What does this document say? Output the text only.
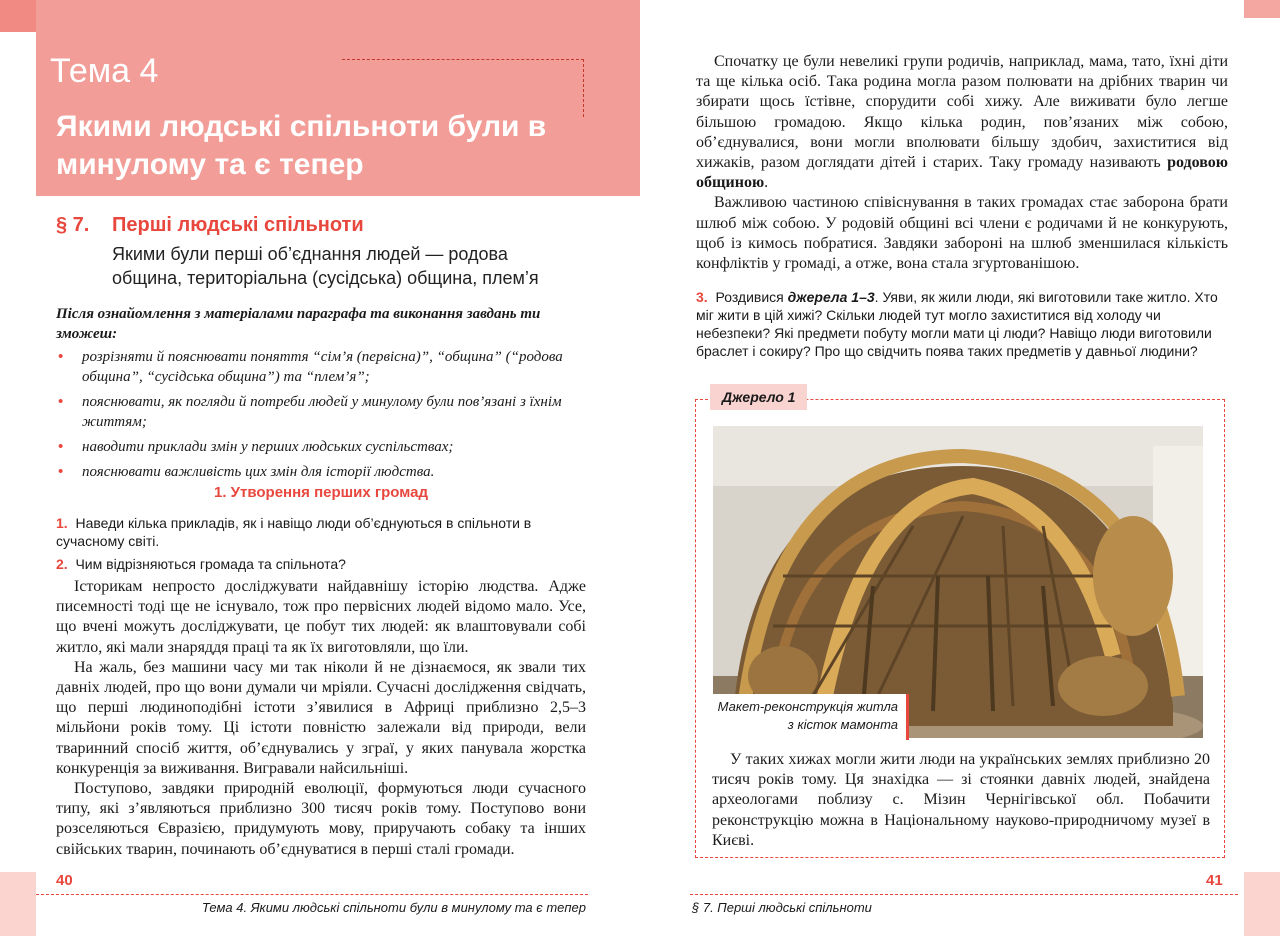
Тема 4
Якими людські спільноти були в минулому та є тепер
§ 7. Перші людські спільноти
Якими були перші об’єднання людей — родова община, територіальна (сусідська) община, плем’я
Після ознайомлення з матеріалами параграфа та виконання завдань ти зможеш:
• розрізняти й пояснювати поняття “сім’я (первісна)”, “община” (“родова община”, “сусідська община”) та “плем’я”;
• пояснювати, як погляди й потреби людей у минулому були пов’язані з їхнім життям;
• наводити приклади змін у перших людських суспільствах;
• пояснювати важливість цих змін для історії людства.
1. Утворення перших громад
1. Наведи кілька прикладів, як і навіщо люди об’єднуються в спільноти в сучасному світі.
2. Чим відрізняються громада та спільнота?

Історикам непросто досліджувати найдавнішу історію людства. Адже писемності тоді ще не існувало, тож про первісних людей відомо мало. Усе, що вчені можуть досліджувати, це побут тих людей: як влаштовували собі житло, які мали знаряддя праці та як їх виготовляли, що їли.

На жаль, без машини часу ми так ніколи й не дізнаємося, як звали тих давніх людей, про що вони думали чи мріяли. Сучасні дослідження свідчать, що перші людиноподібні істоти з’явилися в Африці приблизно 2,5–3 мільйони років тому. Ці істоти повністю залежали від природи, вели тваринний спосіб життя, об’єднувались у зграї, у яких панувала жорстка конкуренція за виживання. Вигравали найсильніші.

Поступово, завдяки природній еволюції, формуються люди сучасного типу, які з’являються приблизно 300 тисяч років тому. Поступово вони розселяються Євразією, придумують мову, приручають собаку та інших свійських тварин, починають об’єднуватися в перші сталі громади.

40
Тема 4. Якими людські спільноти були в минулому та є тепер

Спочатку це були невеликі групи родичів, наприклад, мама, тато, їхні діти та ще кілька осіб. Така родина могла разом полювати на дрібних тварин чи збирати щось їстівне, спорудити собі хижу. Але виживати було легше більшою громадою. Якщо кілька родин, пов’язаних між собою, об’єднувалися, вони могли вполювати більшу здобич, захиститися від хижаків, разом доглядати дітей і старих. Таку громаду називають родовою общиною.

Важливою частиною співіснування в таких громадах стає заборона брати шлюб між собою. У родовій общині всі члени є родичами й не конкурують, щоб із кимось побратися. Завдяки забороні на шлюб зменшилася кількість конфліктів у громаді, а отже, вона стала згуртованішою.

3. Роздивися джерела 1–3. Уяви, як жили люди, які виготовили таке житло. Хто міг жити в цій хижі? Скільки людей тут могло захиститися від холоду чи небезпеки? Які предмети побуту могли мати ці люди? Навіщо люди виготовили браслет і сокиру? Про що свідчить поява таких предметів у давньої людини?
Джерело 1
Макет-реконструкція житла з кісток мамонта

У таких хижах могли жити люди на українських землях приблизно 20 тисяч років тому. Ця знахідка — зі стоянки давніх людей, знайдена археологами поблизу с. Мізин Чернігівської обл. Побачити реконструкцію можна в Національному науково-природничому музеї в Києві.

41
§ 7. Перші людські спільноти
